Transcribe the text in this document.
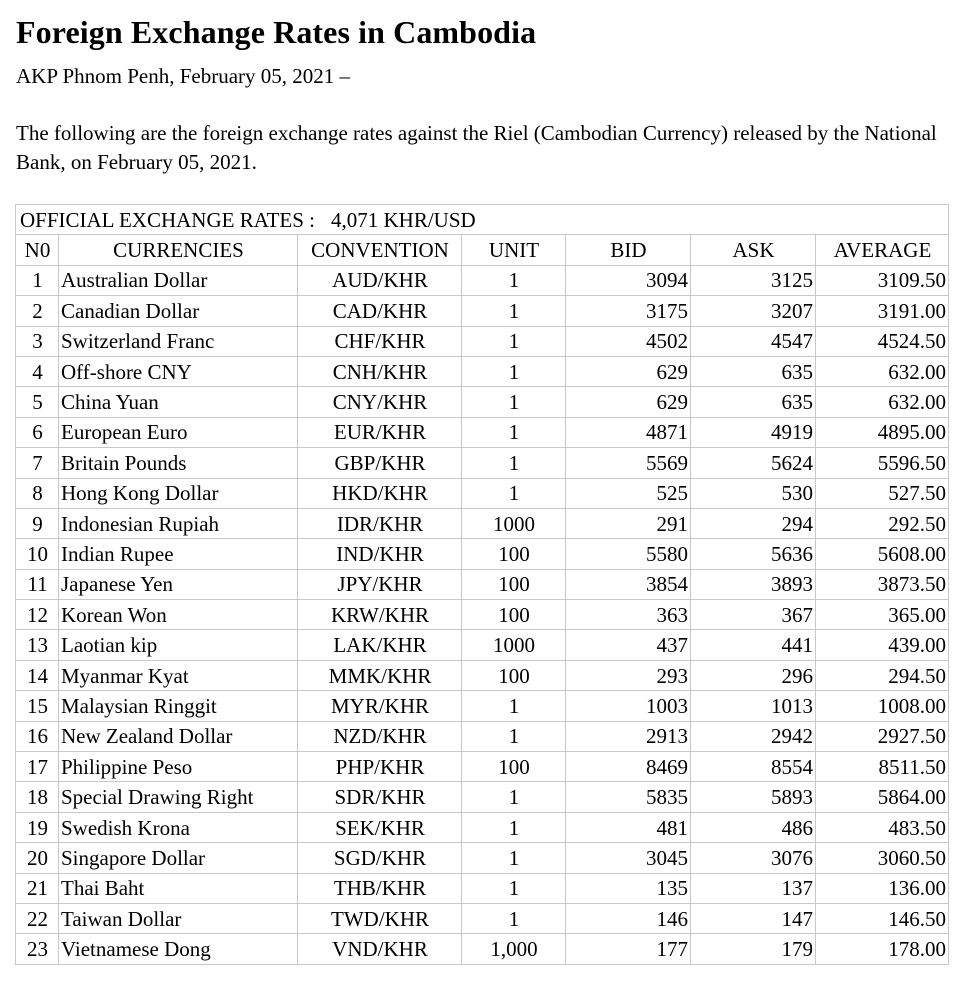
Foreign Exchange Rates in Cambodia
AKP Phnom Penh, February 05, 2021 –
The following are the foreign exchange rates against the Riel (Cambodian Currency) released by the National Bank, on February 05, 2021.
OFFICIAL EXCHANGE RATES : 4,071 KHR/USD						
N0	CURRENCIES	CONVENTION	UNIT	BID	ASK	AVERAGE
1	Australian Dollar	AUD/KHR	1	3094	3125	3109.50
2	Canadian Dollar	CAD/KHR	1	3175	3207	3191.00
3	Switzerland Franc	CHF/KHR	1	4502	4547	4524.50
4	Off-shore CNY	CNH/KHR	1	629	635	632.00
5	China Yuan	CNY/KHR	1	629	635	632.00
6	European Euro	EUR/KHR	1	4871	4919	4895.00
7	Britain Pounds	GBP/KHR	1	5569	5624	5596.50
8	Hong Kong Dollar	HKD/KHR	1	525	530	527.50
9	Indonesian Rupiah	IDR/KHR	1000	291	294	292.50
10	Indian Rupee	IND/KHR	100	5580	5636	5608.00
11	Japanese Yen	JPY/KHR	100	3854	3893	3873.50
12	Korean Won	KRW/KHR	100	363	367	365.00
13	Laotian kip	LAK/KHR	1000	437	441	439.00
14	Myanmar Kyat	MMK/KHR	100	293	296	294.50
15	Malaysian Ringgit	MYR/KHR	1	1003	1013	1008.00
16	New Zealand Dollar	NZD/KHR	1	2913	2942	2927.50
17	Philippine Peso	PHP/KHR	100	8469	8554	8511.50
18	Special Drawing Right	SDR/KHR	1	5835	5893	5864.00
19	Swedish Krona	SEK/KHR	1	481	486	483.50
20	Singapore Dollar	SGD/KHR	1	3045	3076	3060.50
21	Thai Baht	THB/KHR	1	135	137	136.00
22	Taiwan Dollar	TWD/KHR	1	146	147	146.50
23	Vietnamese Dong	VND/KHR	1,000	177	179	178.00
